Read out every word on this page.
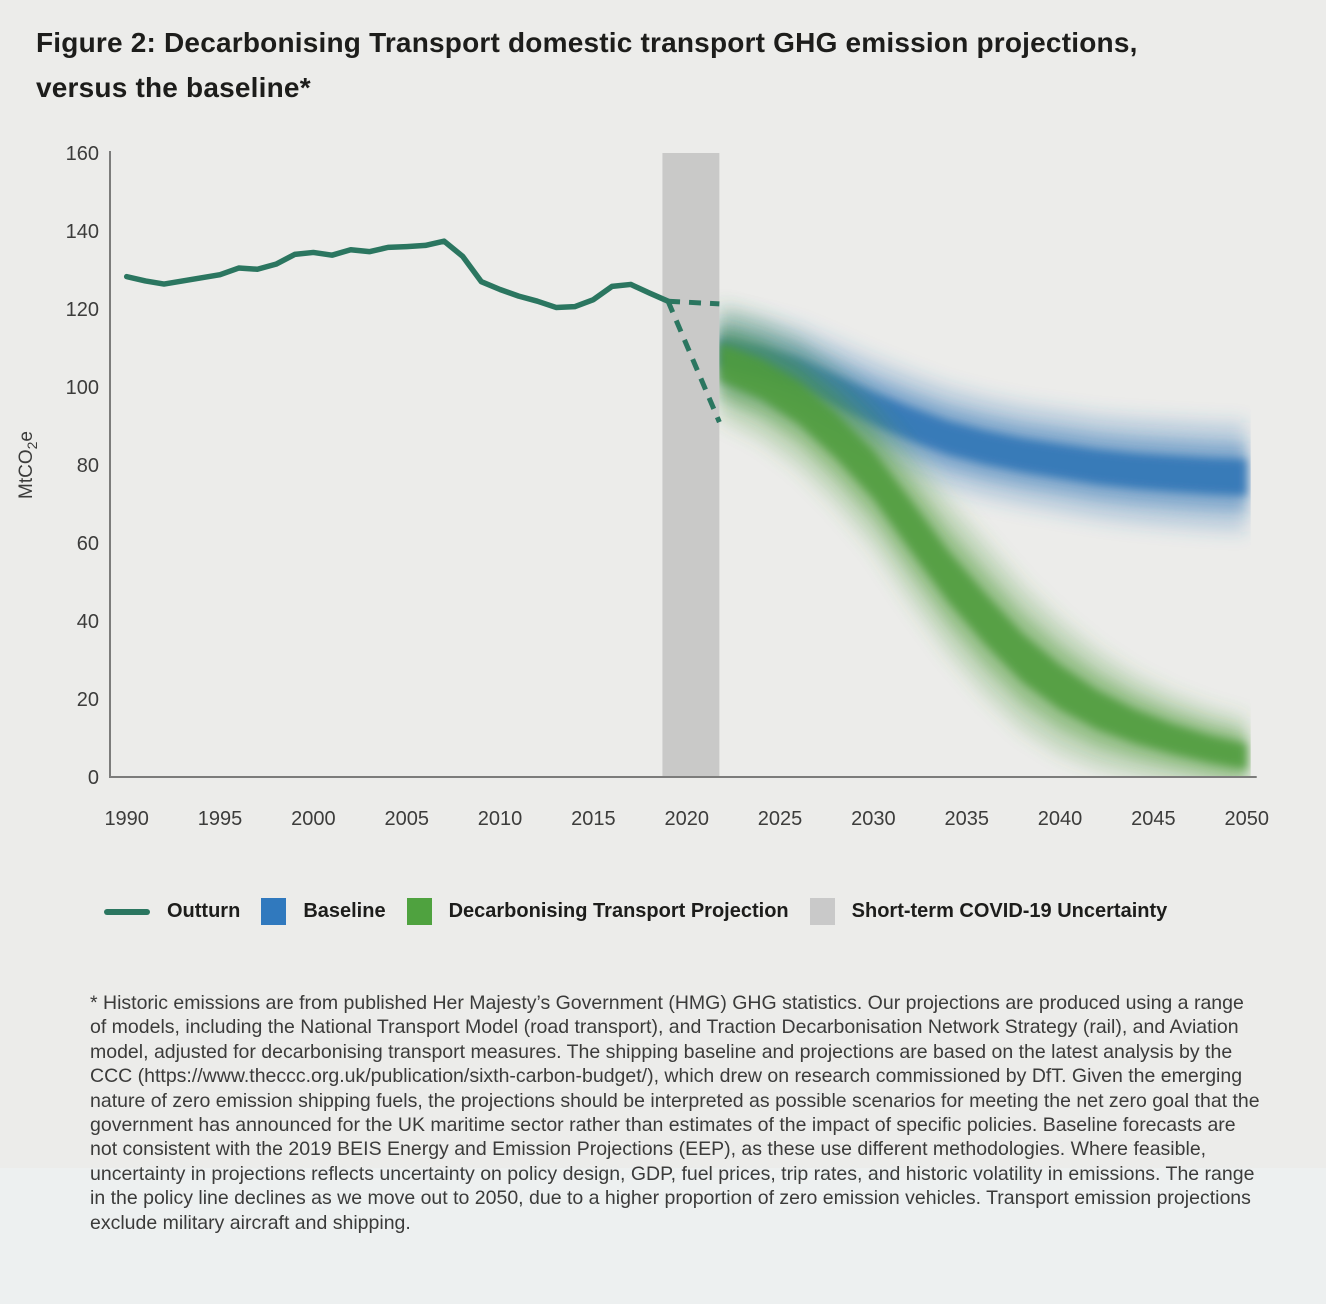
Figure 2: Decarbonising Transport domestic transport GHG emission projections,
versus the baseline*
0
20
40
60
80
100
120
140
160
1990 1995 2000 2005 2010 2015 2020 2025 2030 2035 2040 2045 2050
MtCO$_2$e
Outturn	Baseline	Decarbonising Transport Projection	Short-term COVID-19 Uncertainty
* Historic emissions are from published Her Majesty’s Government (HMG) GHG statistics. Our projections are produced using a range of models, including the National Transport Model (road transport), and Traction Decarbonisation Network Strategy (rail), and Aviation model, adjusted for decarbonising transport measures. The shipping baseline and projections are based on the latest analysis by the CCC (https://www.theccc.org.uk/publication/sixth-carbon-budget/), which drew on research commissioned by DfT. Given the emerging nature of zero emission shipping fuels, the projections should be interpreted as possible scenarios for meeting the net zero goal that the government has announced for the UK maritime sector rather than estimates of the impact of specific policies. Baseline forecasts are not consistent with the 2019 BEIS Energy and Emission Projections (EEP), as these use different methodologies. Where feasible, uncertainty in projections reflects uncertainty on policy design, GDP, fuel prices, trip rates, and historic volatility in emissions. The range in the policy line declines as we move out to 2050, due to a higher proportion of zero emission vehicles. Transport emission projections exclude military aircraft and shipping.
